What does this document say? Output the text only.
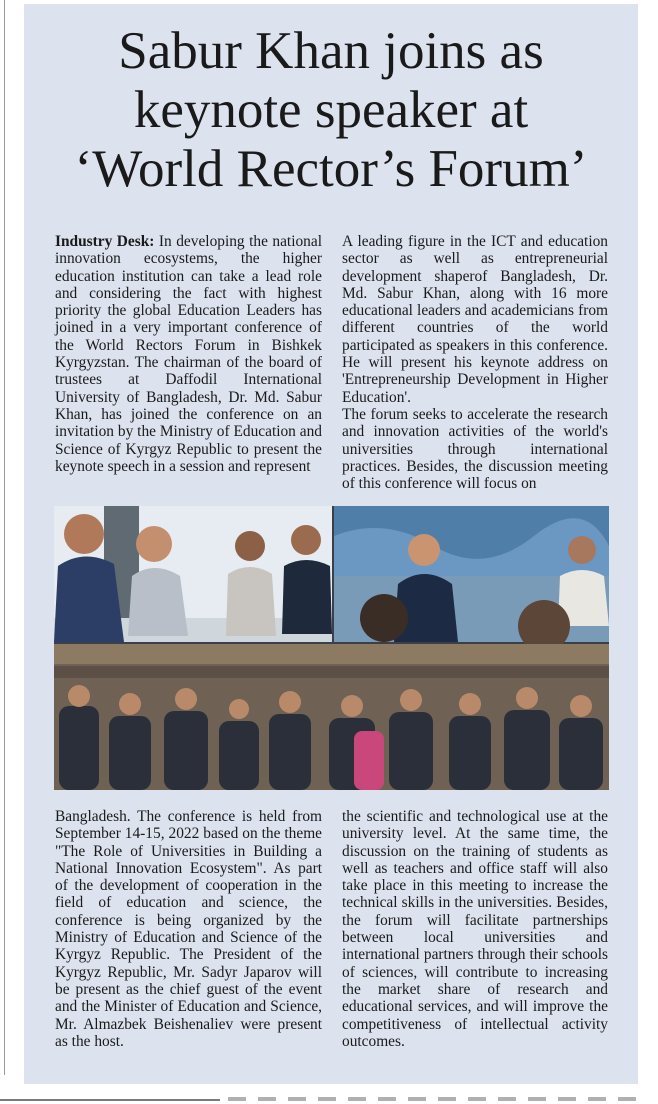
Sabur Khan joins as
keynote speaker at
‘World Rector’s Forum’
Industry Desk: In developing the national innovation ecosystems, the higher education institution can take a lead role and considering the fact with highest priority the global Education Leaders has joined in a very important conference of the World Rectors Forum in Bishkek Kyrgyzstan. The chairman of the board of trustees at Daffodil International University of Bangladesh, Dr. Md. Sabur Khan, has joined the conference on an invitation by the Ministry of Education and Science of Kyrgyz Republic to present the keynote speech in a session and represent
A leading figure in the ICT and education sector as well as entrepreneurial development shaperof Bangladesh, Dr. Md. Sabur Khan, along with 16 more educational leaders and academicians from different countries of the world participated as speakers in this conference. He will present his keynote address on 'Entrepreneurship Development in Higher Education'.
The forum seeks to accelerate the research and innovation activities of the world's universities through international practices. Besides, the discussion meeting of this conference will focus on
Bangladesh. The conference is held from September 14-15, 2022 based on the theme "The Role of Universities in Building a National Innovation Ecosystem". As part of the development of cooperation in the field of education and science, the conference is being organized by the Ministry of Education and Science of the Kyrgyz Republic. The President of the Kyrgyz Republic, Mr. Sadyr Japarov will be present as the chief guest of the event and the Minister of Education and Science, Mr. Almazbek Beishenaliev were present as the host.
the scientific and technological use at the university level. At the same time, the discussion on the training of students as well as teachers and office staff will also take place in this meeting to increase the technical skills in the universities. Besides, the forum will facilitate partnerships between local universities and international partners through their schools of sciences, will contribute to increasing the market share of research and educational services, and will improve the competitiveness of intellectual activity outcomes.
